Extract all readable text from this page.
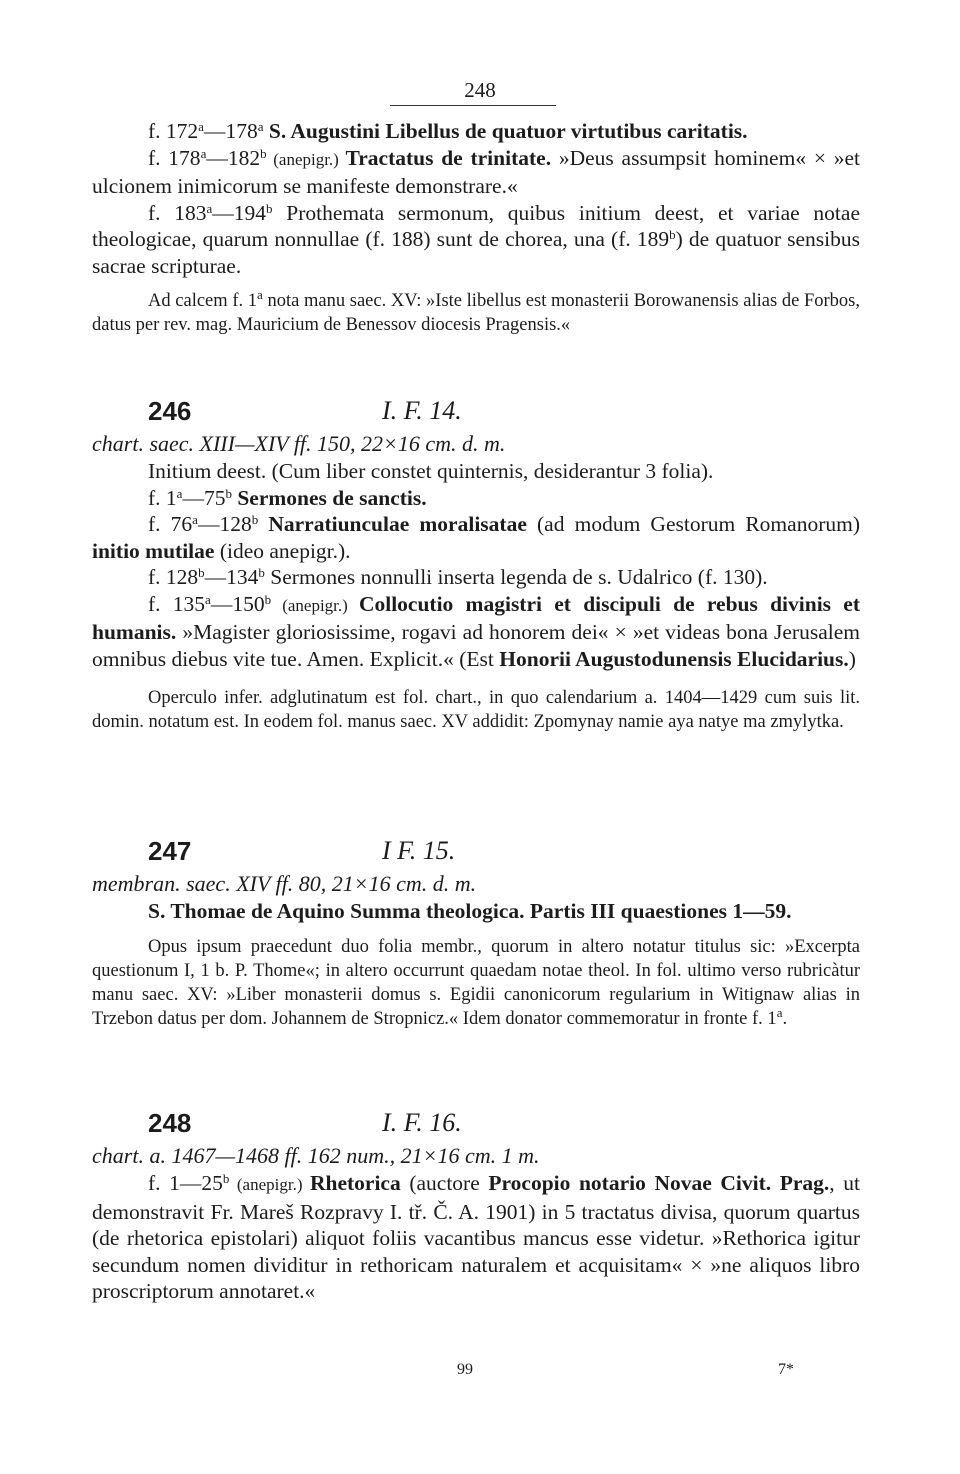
248

f. 172$^a$—178$^a$ S. Augustini Libellus de quatuor virtutibus caritatis.

f. 178$^a$—182$^b$ (anepigr.) Tractatus de trinitate. »Deus assumpsit hominem« × »et ulcionem inimicorum se manifeste demonstrare.«

f. 183$^a$—194$^b$ Prothemata sermonum, quibus initium deest, et variae notae theologicae, quarum nonnullae (f. 188) sunt de chorea, una (f. 189$^b$) de quatuor sensibus sacrae scripturae.

Ad calcem f. 1$^a$ nota manu saec. XV: »Iste libellus est monasterii Borowanensis alias de Forbos, datus per rev. mag. Mauricium de Benessov diocesis Pragensis.«

246	I. F. 14.

chart. saec. XIII—XIV ff. 150, 22×16 cm. d. m.

Initium deest. (Cum liber constet quinternis, desiderantur 3 folia).

f. 1$^a$—75$^b$ Sermones de sanctis.

f. 76$^a$—128$^b$ Narratiunculae moralisatae (ad modum Gestorum Romanorum) initio mutilae (ideo anepigr.).

f. 128$^b$—134$^b$ Sermones nonnulli inserta legenda de s. Udalrico (f. 130).

f. 135$^a$—150$^b$ (anepigr.) Collocutio magistri et discipuli de rebus divinis et humanis. »Magister gloriosissime, rogavi ad honorem dei« × »et videas bona Jerusalem omnibus diebus vite tue. Amen. Explicit.« (Est Honorii Augustodunensis Elucidarius.)

Operculo infer. adglutinatum est fol. chart., in quo calendarium a. 1404—1429 cum suis lit. domin. notatum est. In eodem fol. manus saec. XV addidit: Zpomynay namie aya natye ma zmylytka.

247	I F. 15.

membran. saec. XIV ff. 80, 21×16 cm. d. m.

S. Thomae de Aquino Summa theologica. Partis III quaestiones 1—59.

Opus ipsum praecedunt duo folia membr., quorum in altero notatur titulus sic: »Excerpta questionum I, 1 b. P. Thome«; in altero occurrunt quaedam notae theol. In fol. ultimo verso rubricàtur manu saec. XV: »Liber monasterii domus s. Egidii canonicorum regularium in Witignaw alias in Trzebon datus per dom. Johannem de Stropnicz.« Idem donator commemoratur in fronte f. 1$^a$.

248	I. F. 16.

chart. a. 1467—1468 ff. 162 num., 21×16 cm. 1 m.

f. 1—25$^b$ (anepigr.) Rhetorica (auctore Procopio notario Novae Civit. Prag., ut demonstravit Fr. Mareš Rozpravy I. tř. Č. A. 1901) in 5 tractatus divisa, quorum quartus (de rhetorica epistolari) aliquot foliis vacantibus mancus esse videtur. »Rethorica igitur secundum nomen dividitur in rethoricam naturalem et acquisitam« × »ne aliquos libro proscriptorum annotaret.«

99	7*
